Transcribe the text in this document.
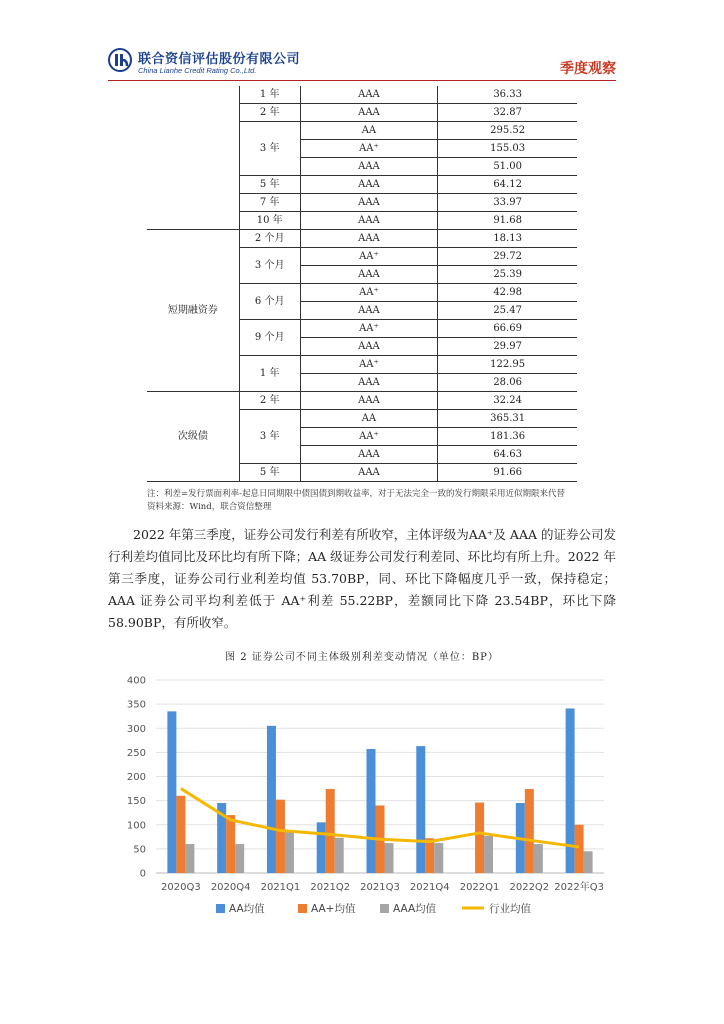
联合资信评估股份有限公司
China Lianhe Credit Rating Co.,Ltd.	季度观察
	1 年	AAA	36.33
	2 年	AAA	32.87
	3 年	AA	295.52
		AA⁺	155.03
		AAA	51.00
	5 年	AAA	64.12
	7 年	AAA	33.97
	10 年	AAA	91.68
短期融资券	2 个月	AAA	18.13
	3 个月	AA⁺	29.72
		AAA	25.39
	6 个月	AA⁺	42.98
		AAA	25.47
	9 个月	AA⁺	66.69
		AAA	29.97
	1 年	AA⁺	122.95
		AAA	28.06
次级债	2 年	AAA	32.24
	3 年	AA	365.31
		AA⁺	181.36
		AAA	64.63
	5 年	AAA	91.66
注：利差=发行票面利率-起息日同期限中债国债到期收益率，对于无法完全一致的发行期限采用近似期限来代替
资料来源：Wind，联合资信整理
2022 年第三季度，证券公司发行利差有所收窄，主体评级为AA⁺及 AAA 的证券公司发行利差均值同比及环比均有所下降；AA 级证券公司发行利差同、环比均有所上升。2022 年第三季度，证券公司行业利差均值 53.70BP，同、环比下降幅度几乎一致，保持稳定；AAA 证券公司平均利差低于 AA⁺利差 55.22BP，差额同比下降 23.54BP，环比下降 58.90BP，有所收窄。
图 2 证券公司不同主体级别利差变动情况（单位：BP）
0
50
100
150
200
250
300
350
400
2020Q3 2020Q4 2021Q1 2021Q2 2021Q3 2021Q4 2022Q1 2022Q2 2022年Q3
AA均值	AA+均值	AAA均值	行业均值
